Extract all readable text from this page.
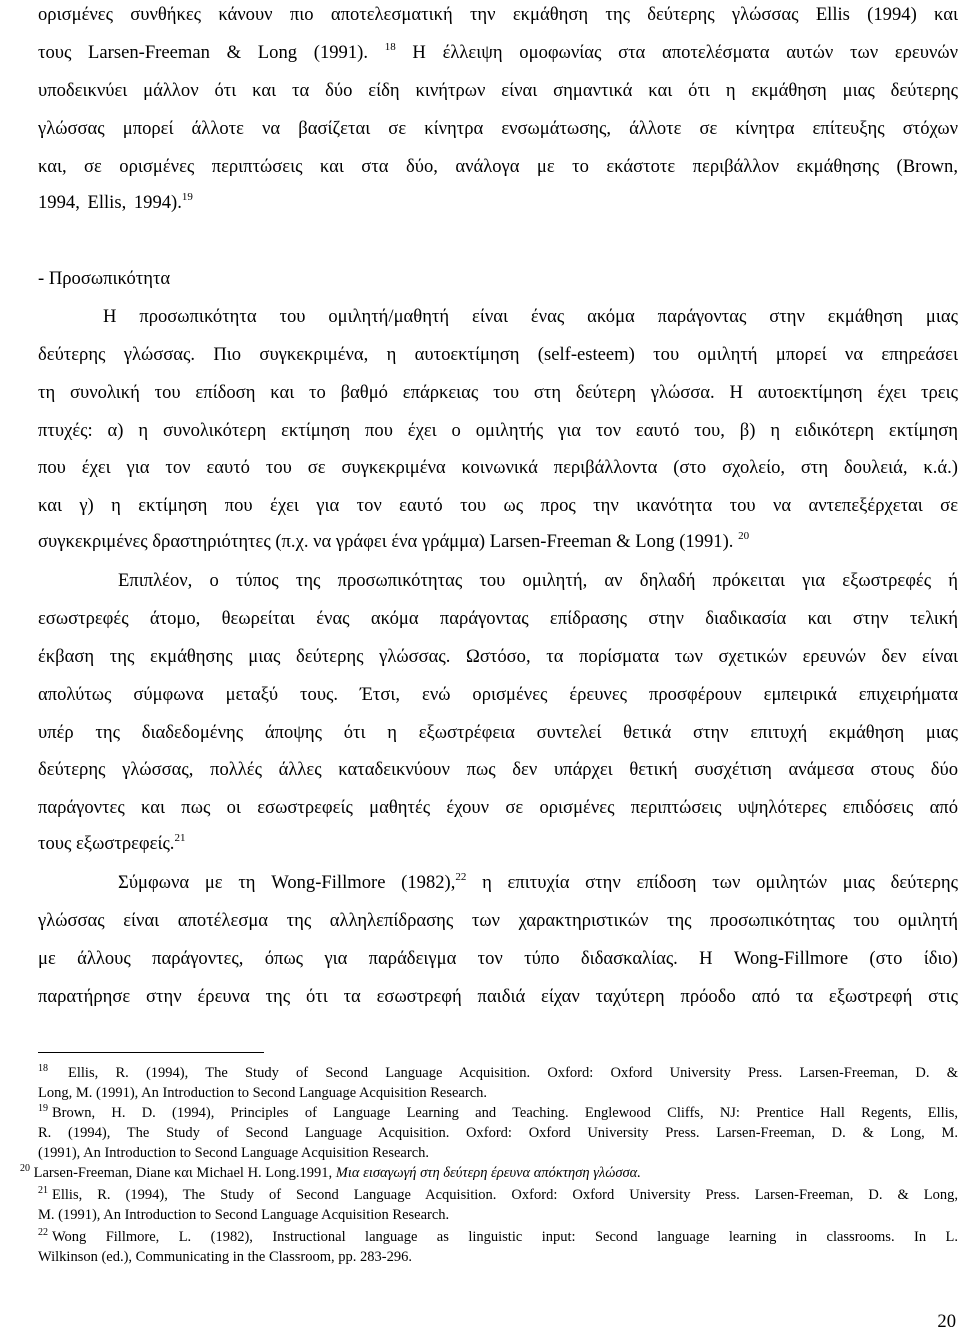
ορισμένες συνθήκες κάνουν πιο αποτελεσματική την εκμάθηση της δεύτερης γλώσσας Ellis (1994) και
τους Larsen-Freeman & Long (1991). $^{18}$ Η έλλειψη ομοφωνίας στα αποτελέσματα αυτών των ερευνών
υποδεικνύει μάλλον ότι και τα δύο είδη κινήτρων είναι σημαντικά και ότι η εκμάθηση μιας δεύτερης
γλώσσας μπορεί άλλοτε να βασίζεται σε κίνητρα ενσωμάτωσης, άλλοτε σε κίνητρα επίτευξης στόχων
και, σε ορισμένες περιπτώσεις και στα δύο, ανάλογα με το εκάστοτε περιβάλλον εκμάθησης (Brown,
1994, Ellis, 1994).$^{19}$
- Προσωπικότητα
Η προσωπικότητα του ομιλητή/μαθητή είναι ένας ακόμα παράγοντας στην εκμάθηση μιας
δεύτερης γλώσσας. Πιο συγκεκριμένα, η αυτοεκτίμηση (self-esteem) του ομιλητή μπορεί να επηρεάσει
τη συνολική του επίδοση και το βαθμό επάρκειας του στη δεύτερη γλώσσα. Η αυτοεκτίμηση έχει τρεις
πτυχές: α) η συνολικότερη εκτίμηση που έχει ο ομιλητής για τον εαυτό του, β) η ειδικότερη εκτίμηση
που έχει για τον εαυτό του σε συγκεκριμένα κοινωνικά περιβάλλοντα (στο σχολείο, στη δουλειά, κ.ά.)
και γ) η εκτίμηση που έχει για τον εαυτό του ως προς την ικανότητα του να αντεπεξέρχεται σε
συγκεκριμένες δραστηριότητες (π.χ. να γράφει ένα γράμμα) Larsen-Freeman & Long (1991). $^{20}$
Επιπλέον, ο τύπος της προσωπικότητας του ομιλητή, αν δηλαδή πρόκειται για εξωστρεφές ή
εσωστρεφές άτομο, θεωρείται ένας ακόμα παράγοντας επίδρασης στην διαδικασία και στην τελική
έκβαση της εκμάθησης μιας δεύτερης γλώσσας. Ωστόσο, τα πορίσματα των σχετικών ερευνών δεν είναι
απολύτως σύμφωνα μεταξύ τους. Έτσι, ενώ ορισμένες έρευνες προσφέρουν εμπειρικά επιχειρήματα
υπέρ της διαδεδομένης άποψης ότι η εξωστρέφεια συντελεί θετικά στην επιτυχή εκμάθηση μιας
δεύτερης γλώσσας, πολλές άλλες καταδεικνύουν πως δεν υπάρχει θετική συσχέτιση ανάμεσα στους δύο
παράγοντες και πως οι εσωστρεφείς μαθητές έχουν σε ορισμένες περιπτώσεις υψηλότερες επιδόσεις από
τους εξωστρεφείς.$^{21}$
Σύμφωνα με τη Wong-Fillmore (1982),$^{22}$ η επιτυχία στην επίδοση των ομιλητών μιας δεύτερης
γλώσσας είναι αποτέλεσμα της αλληλεπίδρασης των χαρακτηριστικών της προσωπικότητας του ομιλητή
με άλλους παράγοντες, όπως για παράδειγμα τον τύπο διδασκαλίας. Η Wong-Fillmore (στο ίδιο)
παρατήρησε στην έρευνα της ότι τα εσωστρεφή παιδιά είχαν ταχύτερη πρόοδο από τα εξωστρεφή στις
$^{18}$ Ellis, R. (1994), The Study of Second Language Acquisition. Oxford: Oxford University Press. Larsen-Freeman, D. &
Long, M. (1991), An Introduction to Second Language Acquisition Research.
$^{19}$ Brown, H. D. (1994), Principles of Language Learning and Teaching. Englewood Cliffs, NJ: Prentice Hall Regents, Ellis,
R. (1994), The Study of Second Language Acquisition. Oxford: Oxford University Press. Larsen-Freeman, D. & Long, M.
(1991), An Introduction to Second Language Acquisition Research.
$^{20}$ Larsen-Freeman, Diane και Michael H. Long.1991, Μια εισαγωγή στη δεύτερη έρευνα απόκτηση γλώσσα.
$^{21}$ Ellis, R. (1994), The Study of Second Language Acquisition. Oxford: Oxford University Press. Larsen-Freeman, D. & Long,
M. (1991), An Introduction to Second Language Acquisition Research.
$^{22}$ Wong Fillmore, L. (1982), Instructional language as linguistic input: Second language learning in classrooms. In L.
Wilkinson (ed.), Communicating in the Classroom, pp. 283-296.
20
